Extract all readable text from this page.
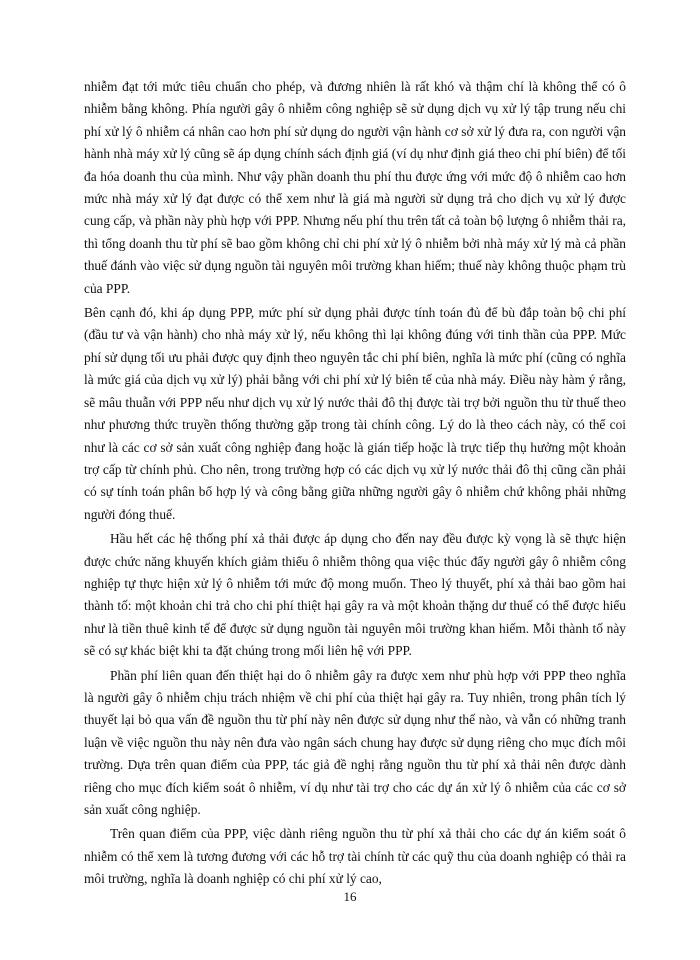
nhiễm đạt tới mức tiêu chuẩn cho phép, và đương nhiên là rất khó và thậm chí là không thể có ô nhiễm bằng không. Phía người gây ô nhiễm công nghiệp sẽ sử dụng dịch vụ xử lý tập trung nếu chi phí xử lý ô nhiễm cá nhân cao hơn phí sử dụng do người vận hành cơ sở xử lý đưa ra, con người vận hành nhà máy xử lý cũng sẽ áp dụng chính sách định giá (ví dụ như định giá theo chi phí biên) để tối đa hóa doanh thu của mình. Như vậy phần doanh thu phí thu được ứng với mức độ ô nhiễm cao hơn mức nhà máy xử lý đạt được có thể xem như là giá mà người sử dụng trả cho dịch vụ xử lý được cung cấp, và phần này phù hợp với PPP. Nhưng nếu phí thu trên tất cả toàn bộ lượng ô nhiễm thải ra, thì tổng doanh thu từ phí sẽ bao gồm không chỉ chi phí xử lý ô nhiễm bởi nhà máy xử lý mà cả phần thuế đánh vào việc sử dụng nguồn tài nguyên môi trường khan hiếm; thuế này không thuộc phạm trù của PPP.

Bên cạnh đó, khi áp dụng PPP, mức phí sử dụng phải được tính toán đủ để bù đắp toàn bộ chi phí (đầu tư và vận hành) cho nhà máy xử lý, nếu không thì lại không đúng với tinh thần của PPP. Mức phí sử dụng tối ưu phải được quy định theo nguyên tắc chi phí biên, nghĩa là mức phí (cũng có nghĩa là mức giá của dịch vụ xử lý) phải bằng với chi phí xử lý biên tế của nhà máy. Điều này hàm ý rằng, sẽ mâu thuẫn với PPP nếu như dịch vụ xử lý nước thải đô thị được tài trợ bởi nguồn thu từ thuế theo như phương thức truyền thống thường gặp trong tài chính công. Lý do là theo cách này, có thể coi như là các cơ sở sản xuất công nghiệp đang hoặc là gián tiếp hoặc là trực tiếp thụ hưởng một khoản trợ cấp từ chính phủ. Cho nên, trong trường hợp có các dịch vụ xử lý nước thải đô thị cũng cần phải có sự tính toán phân bổ hợp lý và công bằng giữa những người gây ô nhiễm chứ không phải những người đóng thuế.

Hầu hết các hệ thống phí xả thải được áp dụng cho đến nay đều được kỳ vọng là sẽ thực hiện được chức năng khuyến khích giảm thiểu ô nhiễm thông qua việc thúc đẩy người gây ô nhiễm công nghiệp tự thực hiện xử lý ô nhiễm tới mức độ mong muốn. Theo lý thuyết, phí xả thải bao gồm hai thành tố: một khoản chi trả cho chi phí thiệt hại gây ra và một khoản thặng dư thuế có thể được hiểu như là tiền thuê kinh tế để được sử dụng nguồn tài nguyên môi trường khan hiếm. Mỗi thành tố này sẽ có sự khác biệt khi ta đặt chúng trong mối liên hệ với PPP.

Phần phí liên quan đến thiệt hại do ô nhiễm gây ra được xem như phù hợp với PPP theo nghĩa là người gây ô nhiễm chịu trách nhiệm về chi phí của thiệt hại gây ra. Tuy nhiên, trong phân tích lý thuyết lại bỏ qua vấn đề nguồn thu từ phí này nên được sử dụng như thế nào, và vẫn có những tranh luận về việc nguồn thu này nên đưa vào ngân sách chung hay được sử dụng riêng cho mục đích môi trường. Dựa trên quan điểm của PPP, tác giả đề nghị rằng nguồn thu từ phí xả thải nên được dành riêng cho mục đích kiểm soát ô nhiễm, ví dụ như tài trợ cho các dự án xử lý ô nhiễm của các cơ sở sản xuất công nghiệp.

Trên quan điểm của PPP, việc dành riêng nguồn thu từ phí xả thải cho các dự án kiểm soát ô nhiễm có thể xem là tương đương với các hỗ trợ tài chính từ các quỹ thu của doanh nghiệp có thải ra môi trường, nghĩa là doanh nghiệp có chi phí xử lý cao,

16
